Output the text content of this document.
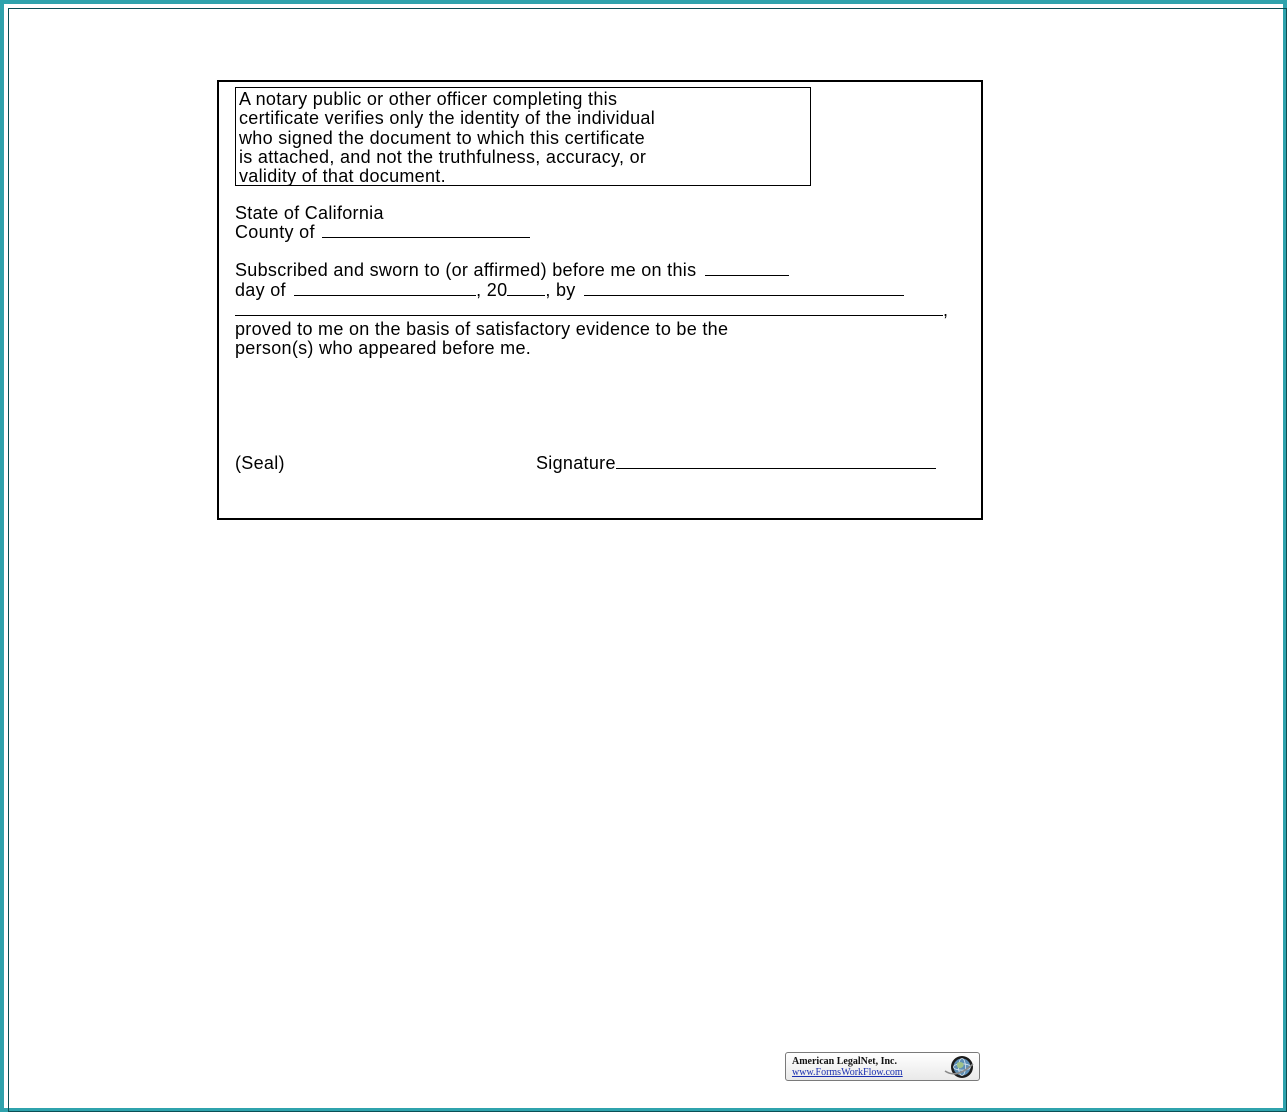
A notary public or other officer completing this
certificate verifies only the identity of the individual
who signed the document to which this certificate
is attached, and not the truthfulness, accuracy, or
validity of that document.
State of California
County of
Subscribed and sworn to (or affirmed) before me on this
day of	, 20 , by
,
proved to me on the basis of satisfactory evidence to be the
person(s) who appeared before me.
(Seal)	Signature
American LegalNet, Inc.
www.FormsWorkFlow.com
